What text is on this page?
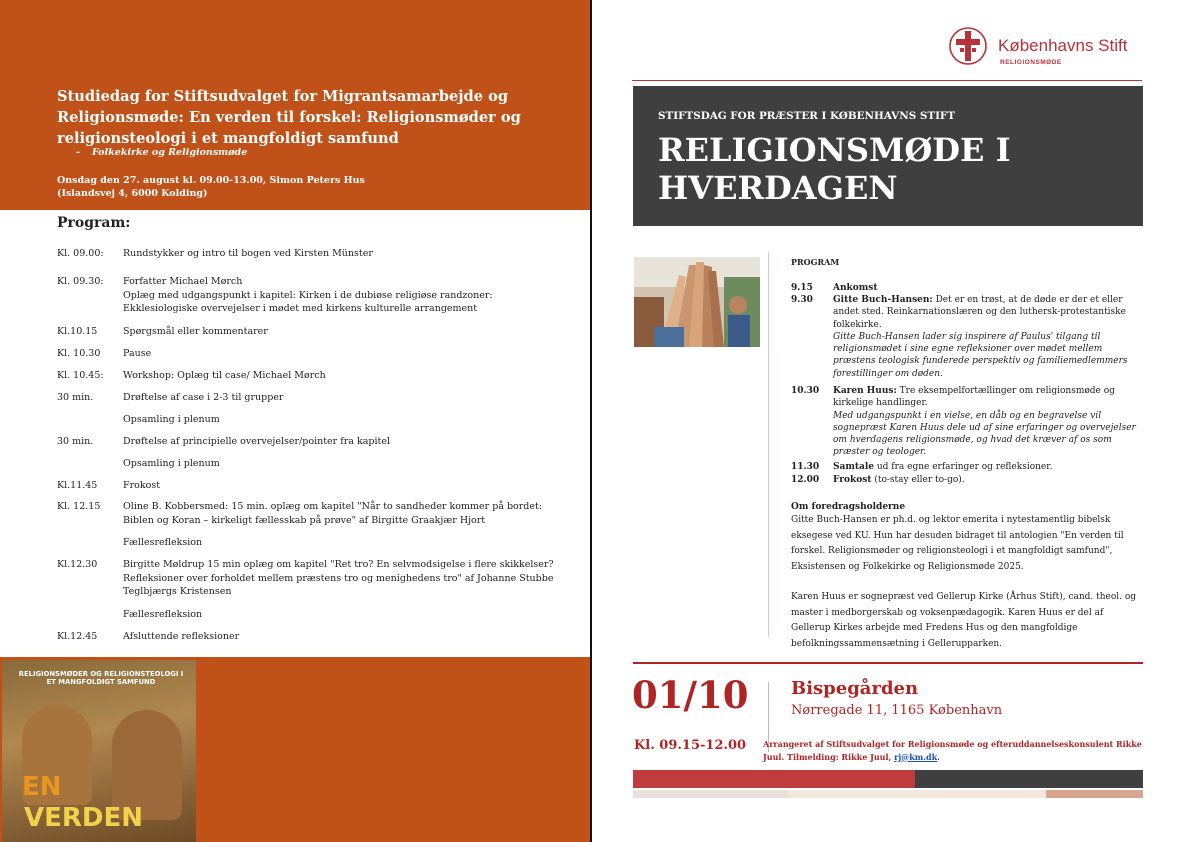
Studiedag for Stiftsudvalget for Migrantsamarbejde og Religionsmøde: En verden til forskel: Religionsmøder og religionsteologi i et mangfoldigt samfund
- Folkekirke og Religionsmøde
Onsdag den 27. august kl. 09.00-13.00, Simon Peters Hus (Islandsvej 4, 6000 Kolding)
Program:
Kl. 09.00:	Rundstykker og intro til bogen ved Kirsten Münster
Kl. 09.30:	Forfatter Michael Mørch
Oplæg med udgangspunkt i kapitel: Kirken i de dubiøse religiøse randzoner: Ekklesiologiske overvejelser i mødet med kirkens kulturelle arrangement
Kl.10.15	Spørgsmål eller kommentarer
Kl. 10.30	Pause
Kl. 10.45:	Workshop: Oplæg til case/ Michael Mørch
30 min.	Drøftelse af case i 2-3 til grupper
Opsamling i plenum
30 min.	Drøftelse af principielle overvejelser/pointer fra kapitel
Opsamling i plenum
Kl.11.45	Frokost
Kl. 12.15	Oline B. Kobbersmed: 15 min. oplæg om kapitel "Når to sandheder kommer på bordet: Biblen og Koran – kirkeligt fællesskab på prøve" af Birgitte Graakjær Hjort
Fællesrefleksion
Kl.12.30	Birgitte Møldrup 15 min oplæg om kapitel "Ret tro? En selvmodsigelse i flere skikkelser? Refleksioner over forholdet mellem præstens tro og menighedens tro" af Johanne Stubbe Teglbjærgs Kristensen
Fællesrefleksion
Kl.12.45	Afsluttende refleksioner
RELIGIONSMØDER OG RELIGIONSTEOLOGI I ET MANGFOLDIGT SAMFUND
EN
VERDEN
Københavns Stift
RELIGIONSMØDE
STIFTSDAG FOR PRÆSTER I KØBENHAVNS STIFT
RELIGIONSMØDE I HVERDAGEN
PROGRAM
9.15	Ankomst
9.30	Gitte Buch-Hansen: Det er en trøst, at de døde er der et eller andet sted. Reinkarnationslæren og den luthersk-protestantiske folkekirke.
Gitte Buch-Hansen lader sig inspirere af Paulus' tilgang til religionsmødet i sine egne refleksioner over mødet mellem præstens teologisk funderede perspektiv og familiemedlemmers forestillinger om døden.
10.30	Karen Huus: Tre eksempelfortællinger om religionsmøde og kirkelige handlinger.
Med udgangspunkt i en vielse, en dåb og en begravelse vil sognepræst Karen Huus dele ud af sine erfaringer og overvejelser om hverdagens religionsmøde, og hvad det kræver af os som præster og teologer.
11.30	Samtale ud fra egne erfaringer og refleksioner.
12.00	Frokost (to-stay eller to-go).
Om foredragsholderne
Gitte Buch-Hansen er ph.d. og lektor emerita i nytestamentlig bibelsk eksegese ved KU. Hun har desuden bidraget til antologien "En verden til forskel. Religionsmøder og religionsteologi i et mangfoldigt samfund", Eksistensen og Folkekirke og Religionsmøde 2025.
Karen Huus er sognepræst ved Gellerup Kirke (Århus Stift), cand. theol. og master i medborgerskab og voksenpædagogik. Karen Huus er del af Gellerup Kirkes arbejde med Fredens Hus og den mangfoldige befolkningssammensætning i Gellerupparken.
01/10
Kl. 09.15-12.00
Bispegården
Nørregade 11, 1165 København
Arrangeret af Stiftsudvalget for Religionsmøde og efteruddannelseskonsulent Rikke Juul. Tilmelding: Rikke Juul, rj@km.dk.
